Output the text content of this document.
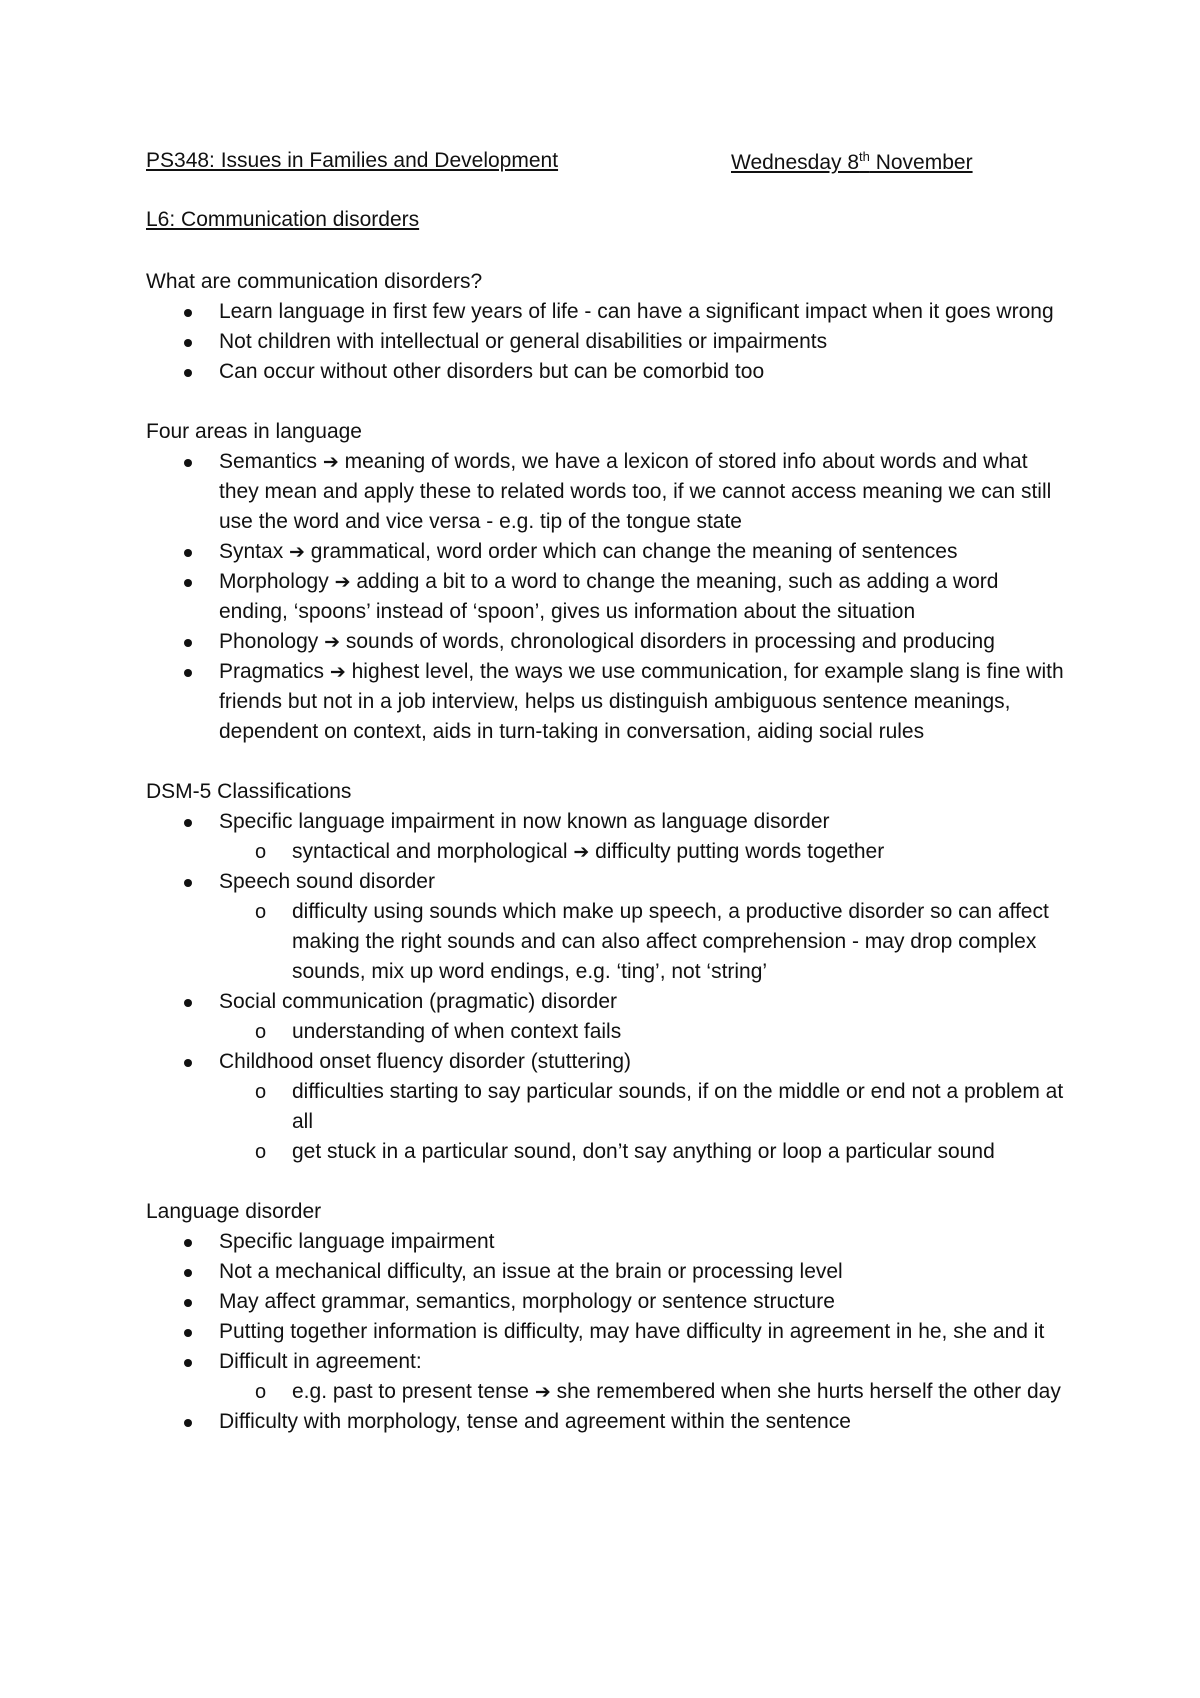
PS348: Issues in Families and Development	Wednesday 8th November
L6: Communication disorders
What are communication disorders?
Learn language in first few years of life - can have a significant impact when it goes wrong
Not children with intellectual or general disabilities or impairments
Can occur without other disorders but can be comorbid too
Four areas in language
Semantics ➔ meaning of words, we have a lexicon of stored info about words and what they mean and apply these to related words too, if we cannot access meaning we can still use the word and vice versa - e.g. tip of the tongue state
Syntax ➔ grammatical, word order which can change the meaning of sentences
Morphology ➔ adding a bit to a word to change the meaning, such as adding a word ending, ‘spoons’ instead of ‘spoon’, gives us information about the situation
Phonology ➔ sounds of words, chronological disorders in processing and producing
Pragmatics ➔ highest level, the ways we use communication, for example slang is fine with friends but not in a job interview, helps us distinguish ambiguous sentence meanings, dependent on context, aids in turn-taking in conversation, aiding social rules
DSM-5 Classifications
Specific language impairment in now known as language disorder
o syntactical and morphological ➔ difficulty putting words together
Speech sound disorder
o difficulty using sounds which make up speech, a productive disorder so can affect making the right sounds and can also affect comprehension - may drop complex sounds, mix up word endings, e.g. ‘ting’, not ‘string’
Social communication (pragmatic) disorder
o understanding of when context fails
Childhood onset fluency disorder (stuttering)
o difficulties starting to say particular sounds, if on the middle or end not a problem at all
o get stuck in a particular sound, don’t say anything or loop a particular sound
Language disorder
Specific language impairment
Not a mechanical difficulty, an issue at the brain or processing level
May affect grammar, semantics, morphology or sentence structure
Putting together information is difficulty, may have difficulty in agreement in he, she and it
Difficult in agreement:
o e.g. past to present tense ➔ she remembered when she hurts herself the other day
Difficulty with morphology, tense and agreement within the sentence
